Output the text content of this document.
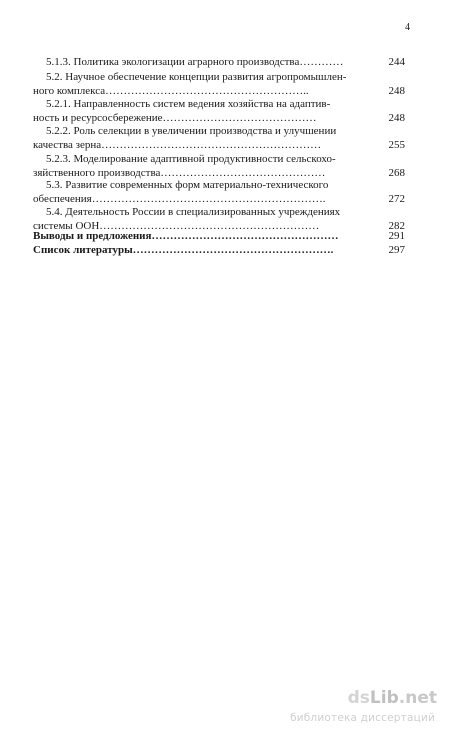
4
5.1.3. Политика экологизации аграрного производства…………	244
5.2. Научное обеспечение концепции развития агропромышлен-
ного комплекса………………………………………………..	248
5.2.1. Направленность систем ведения хозяйства на адаптив-
ность и ресурсосбережение……………………………………	248
5.2.2. Роль селекции в увеличении производства и улучшении
качества зерна……………………………………………………	255
5.2.3. Моделирование адаптивной продуктивности сельскохо-
зяйственного производства………………………………………	268
5.3. Развитие современных форм материально-технического
обеспечения……………………………………………………….	272
5.4. Деятельность России в специализированных учреждениях
системы ООН……………………………………………………	282
Выводы и предложения……………………………………………	291
Список литературы……………………………………………….	297
dsLib.net
библиотека диссертаций
